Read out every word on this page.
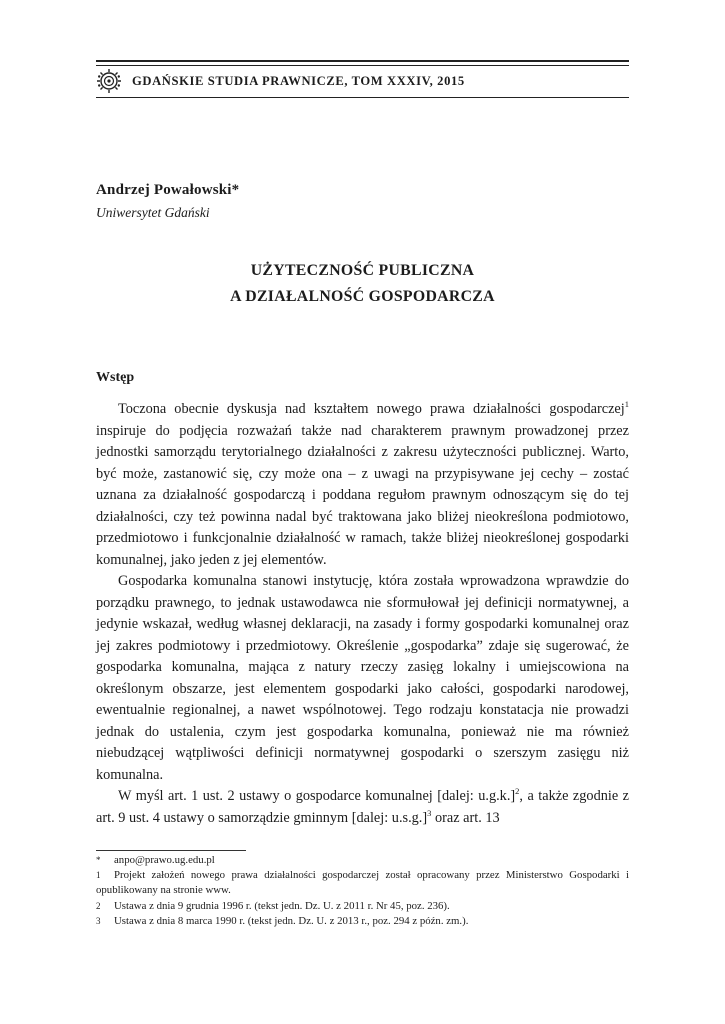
GDAŃSKIE STUDIA PRAWNICZE, TOM XXXIV, 2015
Andrzej Powałowski*
Uniwersytet Gdański
UŻYTECZNOŚĆ PUBLICZNA
A DZIAŁALNOŚĆ GOSPODARCZA
Wstęp

Toczona obecnie dyskusja nad kształtem nowego prawa działalności gospodarczej$^1$ inspiruje do podjęcia rozważań także nad charakterem prawnym prowadzonej przez jednostki samorządu terytorialnego działalności z zakresu użyteczności publicznej. Warto, być może, zastanowić się, czy może ona – z uwagi na przypisywane jej cechy – zostać uznana za działalność gospodarczą i poddana regułom prawnym odnoszącym się do tej działalności, czy też powinna nadal być traktowana jako bliżej nieokreślona podmiotowo, przedmiotowo i funkcjonalnie działalność w ramach, także bliżej nieokreślonej gospodarki komunalnej, jako jeden z jej elementów.

Gospodarka komunalna stanowi instytucję, która została wprowadzona wprawdzie do porządku prawnego, to jednak ustawodawca nie sformułował jej definicji normatywnej, a jedynie wskazał, według własnej deklaracji, na zasady i formy gospodarki komunalnej oraz jej zakres podmiotowy i przedmiotowy. Określenie „gospodarka” zdaje się sugerować, że gospodarka komunalna, mająca z natury rzeczy zasięg lokalny i umiejscowiona na określonym obszarze, jest elementem gospodarki jako całości, gospodarki narodowej, ewentualnie regionalnej, a nawet wspólnotowej. Tego rodzaju konstatacja nie prowadzi jednak do ustalenia, czym jest gospodarka komunalna, ponieważ nie ma również niebudzącej wątpliwości definicji normatywnej gospodarki o szerszym zasięgu niż komunalna.

W myśl art. 1 ust. 2 ustawy o gospodarce komunalnej [dalej: u.g.k.]$^2$, a także zgodnie z art. 9 ust. 4 ustawy o samorządzie gminnym [dalej: u.s.g.]$^3$ oraz art. 13

* anpo@prawo.ug.edu.pl
1 Projekt założeń nowego prawa działalności gospodarczej został opracowany przez Ministerstwo Gospodarki i opublikowany na stronie www.
2 Ustawa z dnia 9 grudnia 1996 r. (tekst jedn. Dz. U. z 2011 r. Nr 45, poz. 236).
3 Ustawa z dnia 8 marca 1990 r. (tekst jedn. Dz. U. z 2013 r., poz. 294 z późn. zm.).
